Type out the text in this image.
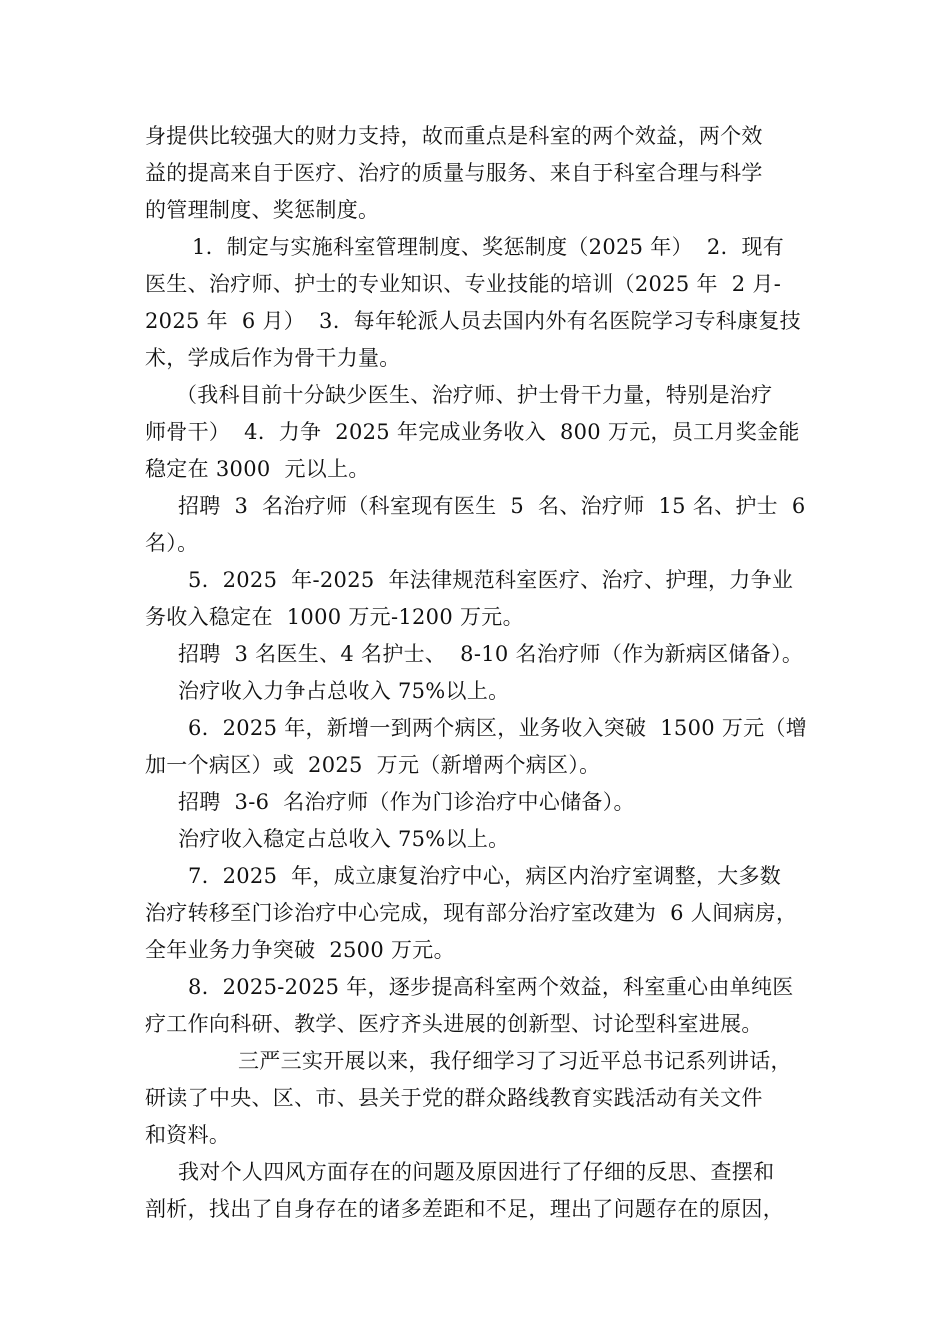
身提供比较强大的财力支持，故而重点是科室的两个效益，两个效
益的提高来自于医疗、治疗的质量与服务、来自于科室合理与科学
的管理制度、奖惩制度。
1.  制定与实施科室管理制度、奖惩制度（2025 年）  2.  现有
医生、治疗师、护士的专业知识、专业技能的培训（2025 年  2 月-
2025 年  6 月）  3.  每年轮派人员去国内外有名医院学习专科康复技
术，学成后作为骨干力量。
（我科目前十分缺少医生、治疗师、护士骨干力量，特别是治疗
师骨干）  4.  力争  2025 年完成业务收入  800 万元，员工月奖金能
稳定在 3000  元以上。
招聘  3  名治疗师（科室现有医生  5  名、治疗师  15 名、护士  6
名）。
5.  2025  年-2025  年法律规范科室医疗、治疗、护理，力争业
务收入稳定在  1000 万元-1200 万元。
招聘  3 名医生、4 名护士、  8-10 名治疗师（作为新病区储备）。
治疗收入力争占总收入 75%以上。
6.  2025 年，新增一到两个病区，业务收入突破  1500 万元（增
加一个病区）或  2025  万元（新增两个病区）。
招聘  3-6  名治疗师（作为门诊治疗中心储备）。
治疗收入稳定占总收入 75%以上。
7.  2025  年，成立康复治疗中心，病区内治疗室调整，大多数
治疗转移至门诊治疗中心完成，现有部分治疗室改建为  6 人间病房，
全年业务力争突破  2500 万元。
8.  2025-2025 年，逐步提高科室两个效益，科室重心由单纯医
疗工作向科研、教学、医疗齐头进展的创新型、讨论型科室进展。
三严三实开展以来，我仔细学习了习近平总书记系列讲话，
研读了中央、区、市、县关于党的群众路线教育实践活动有关文件
和资料。
我对个人四风方面存在的问题及原因进行了仔细的反思、查摆和
剖析，找出了自身存在的诸多差距和不足，理出了问题存在的原因，
